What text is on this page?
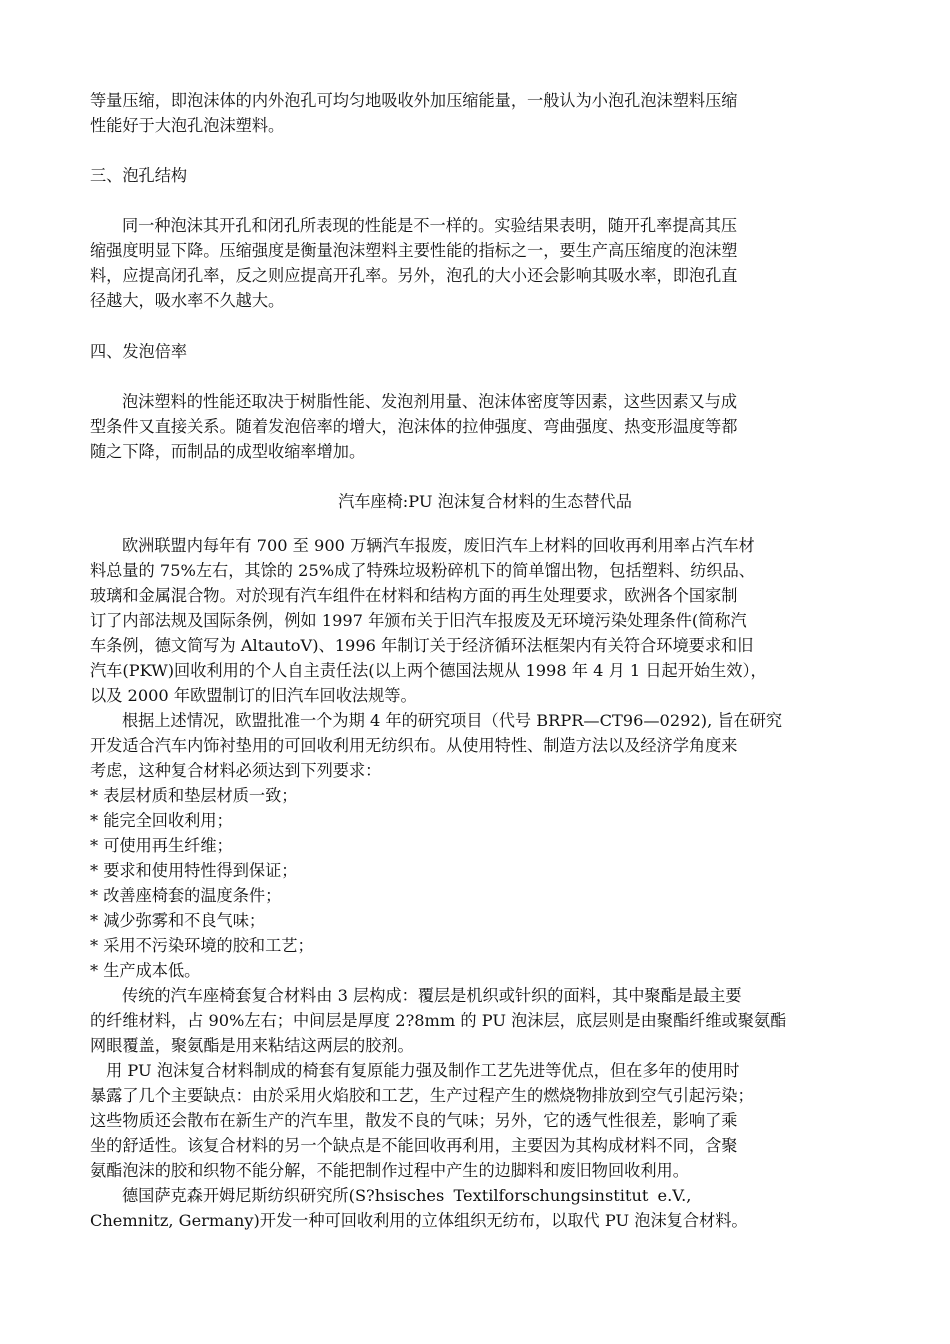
等量压缩，即泡沫体的内外泡孔可均匀地吸收外加压缩能量，一般认为小泡孔泡沫塑料压缩
性能好于大泡孔泡沫塑料。
三、泡孔结构
同一种泡沫其开孔和闭孔所表现的性能是不一样的。实验结果表明，随开孔率提高其压
缩强度明显下降。压缩强度是衡量泡沫塑料主要性能的指标之一，要生产高压缩度的泡沫塑
料，应提高闭孔率，反之则应提高开孔率。另外，泡孔的大小还会影响其吸水率，即泡孔直
径越大，吸水率不久越大。
四、发泡倍率
泡沫塑料的性能还取决于树脂性能、发泡剂用量、泡沫体密度等因素，这些因素又与成
型条件又直接关系。随着发泡倍率的增大，泡沫体的拉伸强度、弯曲强度、热变形温度等都
随之下降，而制品的成型收缩率增加。
汽车座椅:PU 泡沫复合材料的生态替代品
欧洲联盟内每年有 700 至 900 万辆汽车报废，废旧汽车上材料的回收再利用率占汽车材
料总量的 75%左右，其馀的 25%成了特殊垃圾粉碎机下的简单馏出物，包括塑料、纺织品、
玻璃和金属混合物。对於现有汽车组件在材料和结构方面的再生处理要求，欧洲各个国家制
订了内部法规及国际条例，例如 1997 年颁布关于旧汽车报废及无环境污染处理条件(简称汽
车条例，德文简写为 AltautoV)、1996 年制订关于经济循环法框架内有关符合环境要求和旧
汽车(PKW)回收利用的个人自主责任法(以上两个德国法规从 1998 年 4 月 1 日起开始生效），
以及 2000 年欧盟制订的旧汽车回收法规等。
根据上述情况，欧盟批准一个为期 4 年的研究项目（代号 BRPR—CT96—0292), 旨在研究
开发适合汽车内饰衬垫用的可回收利用无纺织布。从使用特性、制造方法以及经济学角度来
考虑，这种复合材料必须达到下列要求：
* 表层材质和垫层材质一致；
* 能完全回收利用；
* 可使用再生纤维；
* 要求和使用特性得到保证；
* 改善座椅套的温度条件；
* 减少弥雾和不良气味；
* 采用不污染环境的胶和工艺；
* 生产成本低。
传统的汽车座椅套复合材料由 3 层构成：覆层是机织或针织的面料，其中聚酯是最主要
的纤维材料，占 90%左右；中间层是厚度 2?8mm 的 PU 泡沫层，底层则是由聚酯纤维或聚氨酯
网眼覆盖，聚氨酯是用来粘结这两层的胶剂。
用 PU 泡沫复合材料制成的椅套有复原能力强及制作工艺先进等优点，但在多年的使用时
暴露了几个主要缺点：由於采用火焰胶和工艺，生产过程产生的燃烧物排放到空气引起污染；
这些物质还会散布在新生产的汽车里，散发不良的气味；另外，它的透气性很差，影响了乘
坐的舒适性。该复合材料的另一个缺点是不能回收再利用，主要因为其构成材料不同，含聚
氨酯泡沫的胶和织物不能分解，不能把制作过程中产生的边脚料和废旧物回收利用。
德国萨克森开姆尼斯纺织研究所(S?hsisches Textilforschungsinstitut e.V.,
Chemnitz, Germany)开发一种可回收利用的立体组织无纺布，以取代 PU 泡沫复合材料。
